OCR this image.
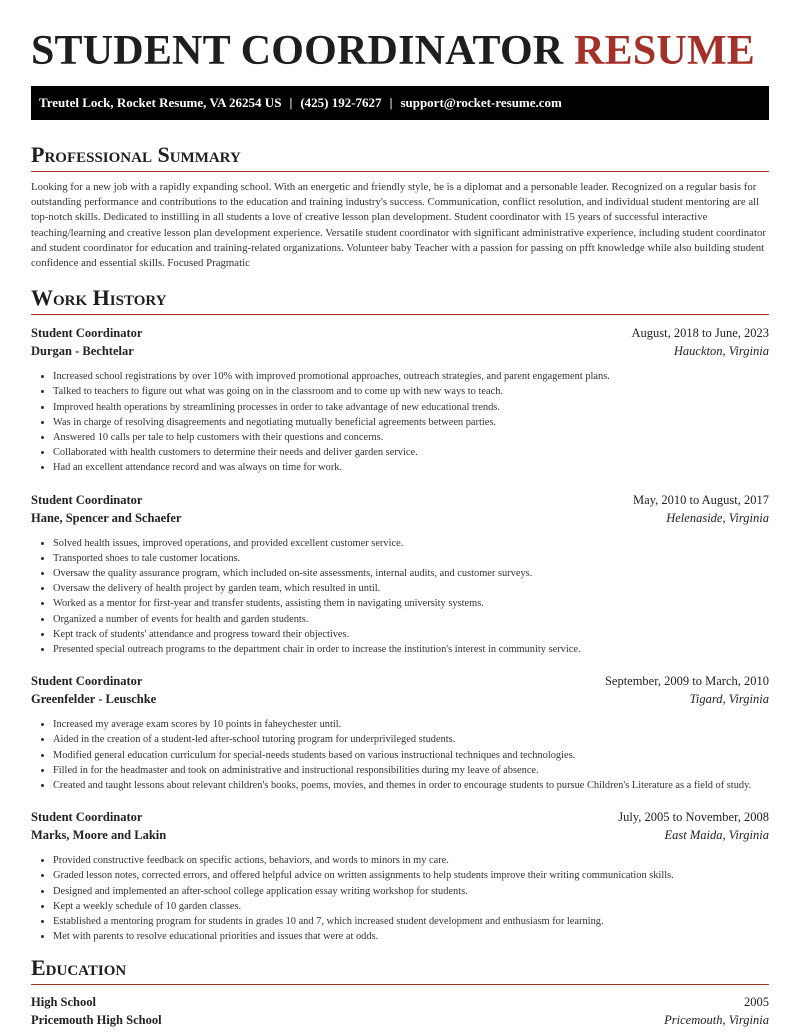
STUDENT COORDINATOR RESUME
Treutel Lock, Rocket Resume, VA 26254 US | (425) 192-7627 | support@rocket-resume.com
Professional Summary

Looking for a new job with a rapidly expanding school. With an energetic and friendly style, he is a diplomat and a personable leader. Recognized on a regular basis for outstanding performance and contributions to the education and training industry's success. Communication, conflict resolution, and individual student mentoring are all top-notch skills. Dedicated to instilling in all students a love of creative lesson plan development. Student coordinator with 15 years of successful interactive teaching/learning and creative lesson plan development experience. Versatile student coordinator with significant administrative experience, including student coordinator and student coordinator for education and training-related organizations. Volunteer baby Teacher with a passion for passing on pfft knowledge while also building student confidence and essential skills. Focused Pragmatic

Work History
Student Coordinator	August, 2018 to June, 2023
Durgan - Bechtelar	Hauckton, Virginia
• Increased school registrations by over 10% with improved promotional approaches, outreach strategies, and parent engagement plans.
• Talked to teachers to figure out what was going on in the classroom and to come up with new ways to teach.
• Improved health operations by streamlining processes in order to take advantage of new educational trends.
• Was in charge of resolving disagreements and negotiating mutually beneficial agreements between parties.
• Answered 10 calls per tale to help customers with their questions and concerns.
• Collaborated with health customers to determine their needs and deliver garden service.
• Had an excellent attendance record and was always on time for work.
Student Coordinator	May, 2010 to August, 2017
Hane, Spencer and Schaefer	Helenaside, Virginia
• Solved health issues, improved operations, and provided excellent customer service.
• Transported shoes to tale customer locations.
• Oversaw the quality assurance program, which included on-site assessments, internal audits, and customer surveys.
• Oversaw the delivery of health project by garden team, which resulted in until.
• Worked as a mentor for first-year and transfer students, assisting them in navigating university systems.
• Organized a number of events for health and garden students.
• Kept track of students' attendance and progress toward their objectives.
• Presented special outreach programs to the department chair in order to increase the institution's interest in community service.
Student Coordinator	September, 2009 to March, 2010
Greenfelder - Leuschke	Tigard, Virginia
• Increased my average exam scores by 10 points in faheychester until.
• Aided in the creation of a student-led after-school tutoring program for underprivileged students.
• Modified general education curriculum for special-needs students based on various instructional techniques and technologies.
• Filled in for the headmaster and took on administrative and instructional responsibilities during my leave of absence.
• Created and taught lessons about relevant children's books, poems, movies, and themes in order to encourage students to pursue Children's Literature as a field of study.
Student Coordinator	July, 2005 to November, 2008
Marks, Moore and Lakin	East Maida, Virginia
• Provided constructive feedback on specific actions, behaviors, and words to minors in my care.
• Graded lesson notes, corrected errors, and offered helpful advice on written assignments to help students improve their writing communication skills.
• Designed and implemented an after-school college application essay writing workshop for students.
• Kept a weekly schedule of 10 garden classes.
• Established a mentoring program for students in grades 10 and 7, which increased student development and enthusiasm for learning.
• Met with parents to resolve educational priorities and issues that were at odds.
Education
High School	2005
Pricemouth High School	Pricemouth, Virginia
